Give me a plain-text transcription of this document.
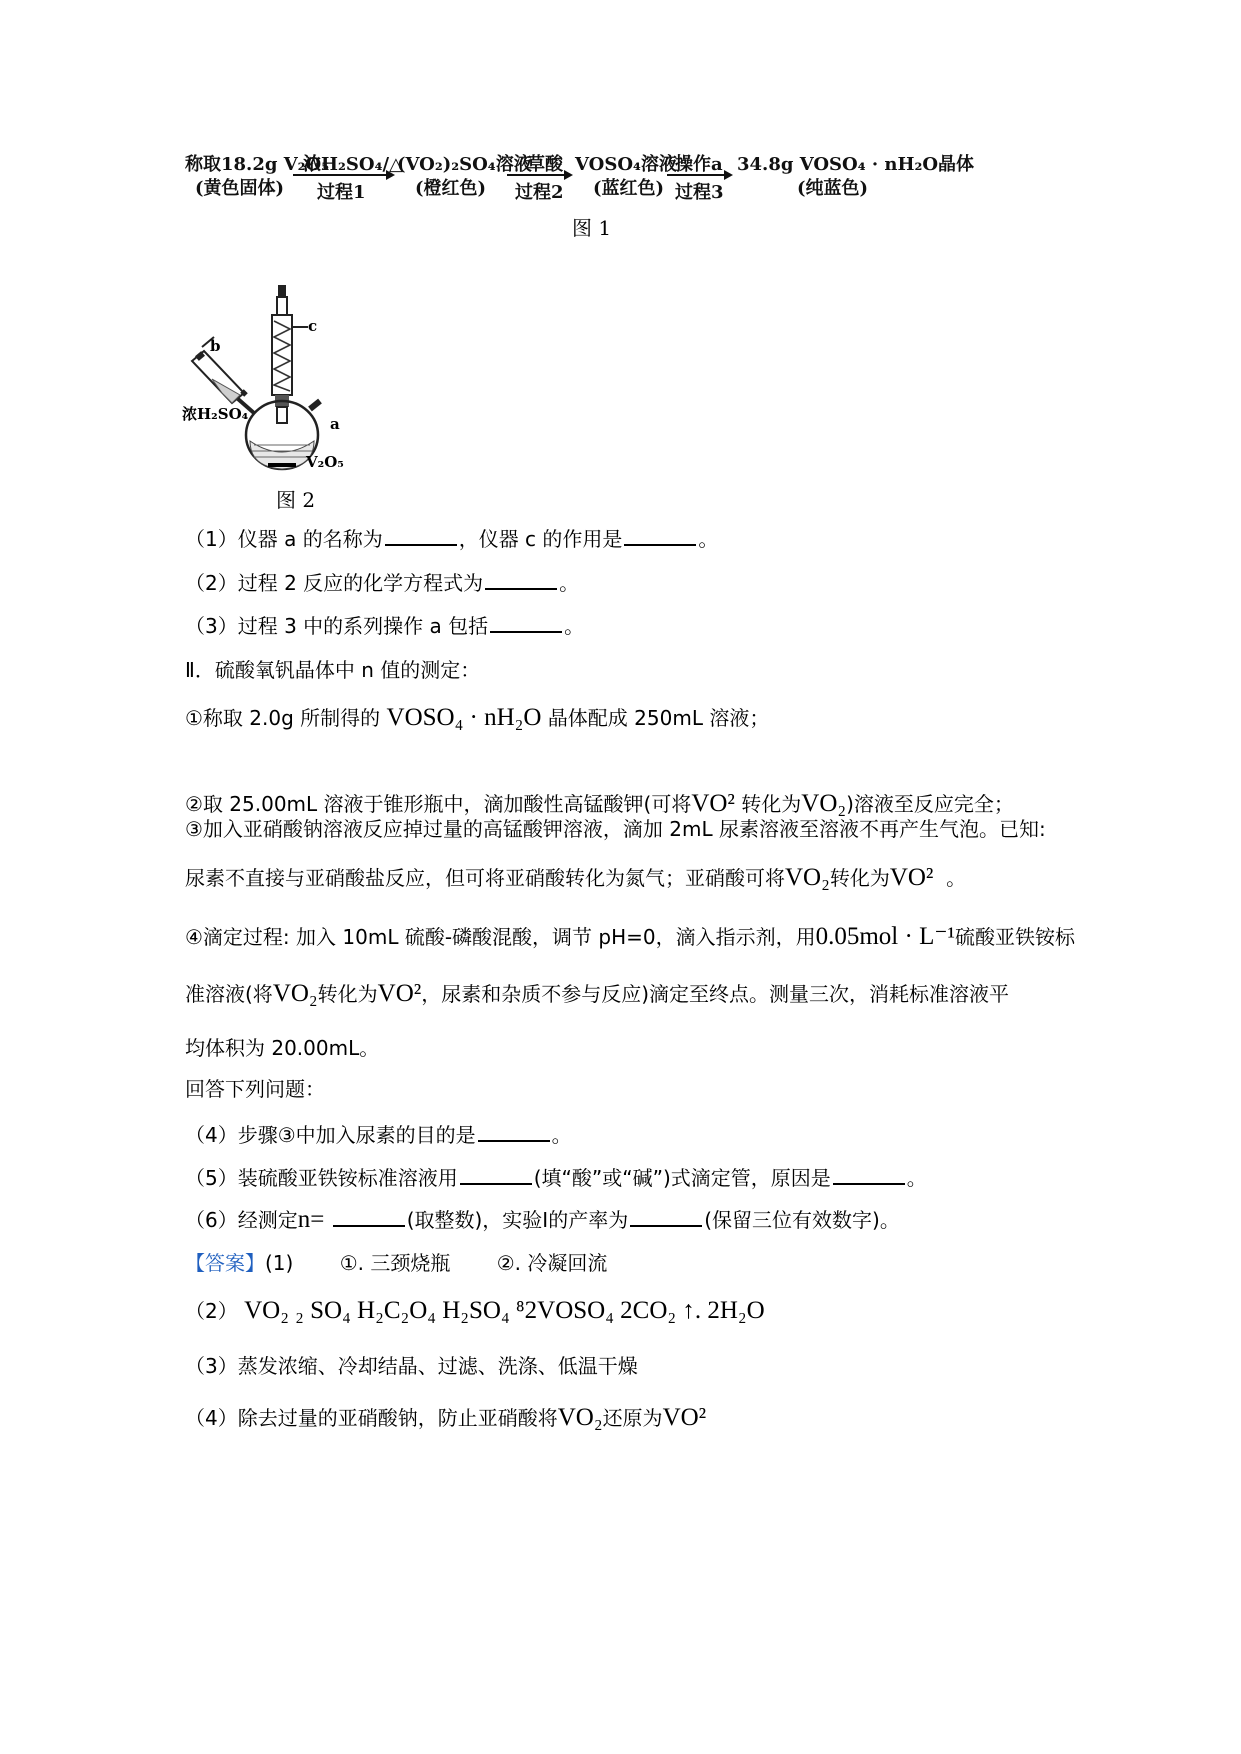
称取18.2g V₂O₅
(黄色固体)
浓H₂SO₄/△
过程1
(VO₂)₂SO₄溶液
(橙红色)
草酸
过程2
VOSO₄溶液
(蓝红色)
操作a
过程3
34.8g VOSO₄ · nH₂O晶体
(纯蓝色)
图 1
b
c
a
浓H₂SO₄
V₂O₅
图 2
（1）仪器 a 的名称为	，仪器 c 的作用是	。
（2）过程 2 反应的化学方程式为	。
（3）过程 3 中的系列操作 a 包括	。
Ⅱ．硫酸氧钒晶体中 n 值的测定：
①称取 2.0g 所制得的 VOSO₄ · nH₂O 晶体配成 250mL 溶液；
②取 25.00mL 溶液于锥形瓶中，滴加酸性高锰酸钾(可将VO² 转化为VO₂)溶液至反应完全；
③加入亚硝酸钠溶液反应掉过量的高锰酸钾溶液，滴加 2mL 尿素溶液至溶液不再产生气泡。已知:
尿素不直接与亚硝酸盐反应，但可将亚硝酸转化为氮气；亚硝酸可将VO₂转化为VO² 。
④滴定过程: 加入 10mL 硫酸-磷酸混酸，调节 pH=0，滴入指示剂，用0.05mol · L⁻¹硫酸亚铁铵标
准溶液(将VO₂转化为VO²，尿素和杂质不参与反应)滴定至终点。测量三次，消耗标准溶液平
均体积为 20.00mL。
回答下列问题：
（4）步骤③中加入尿素的目的是	。
（5）装硫酸亚铁铵标准溶液用	(填“酸”或“碱”)式滴定管，原因是	。
（6）经测定n=	(取整数)，实验Ⅰ的产率为	(保留三位有效数字)。
【答案】(1) ①. 三颈烧瓶 ②. 冷凝回流
（2） VO₂ ₂ SO₄ H₂C₂O₄ H₂SO₄ ⁸2VOSO₄ 2CO₂ ↑. 2H₂O
（3）蒸发浓缩、冷却结晶、过滤、洗涤、低温干燥
（4）除去过量的亚硝酸钠，防止亚硝酸将VO₂还原为VO²
